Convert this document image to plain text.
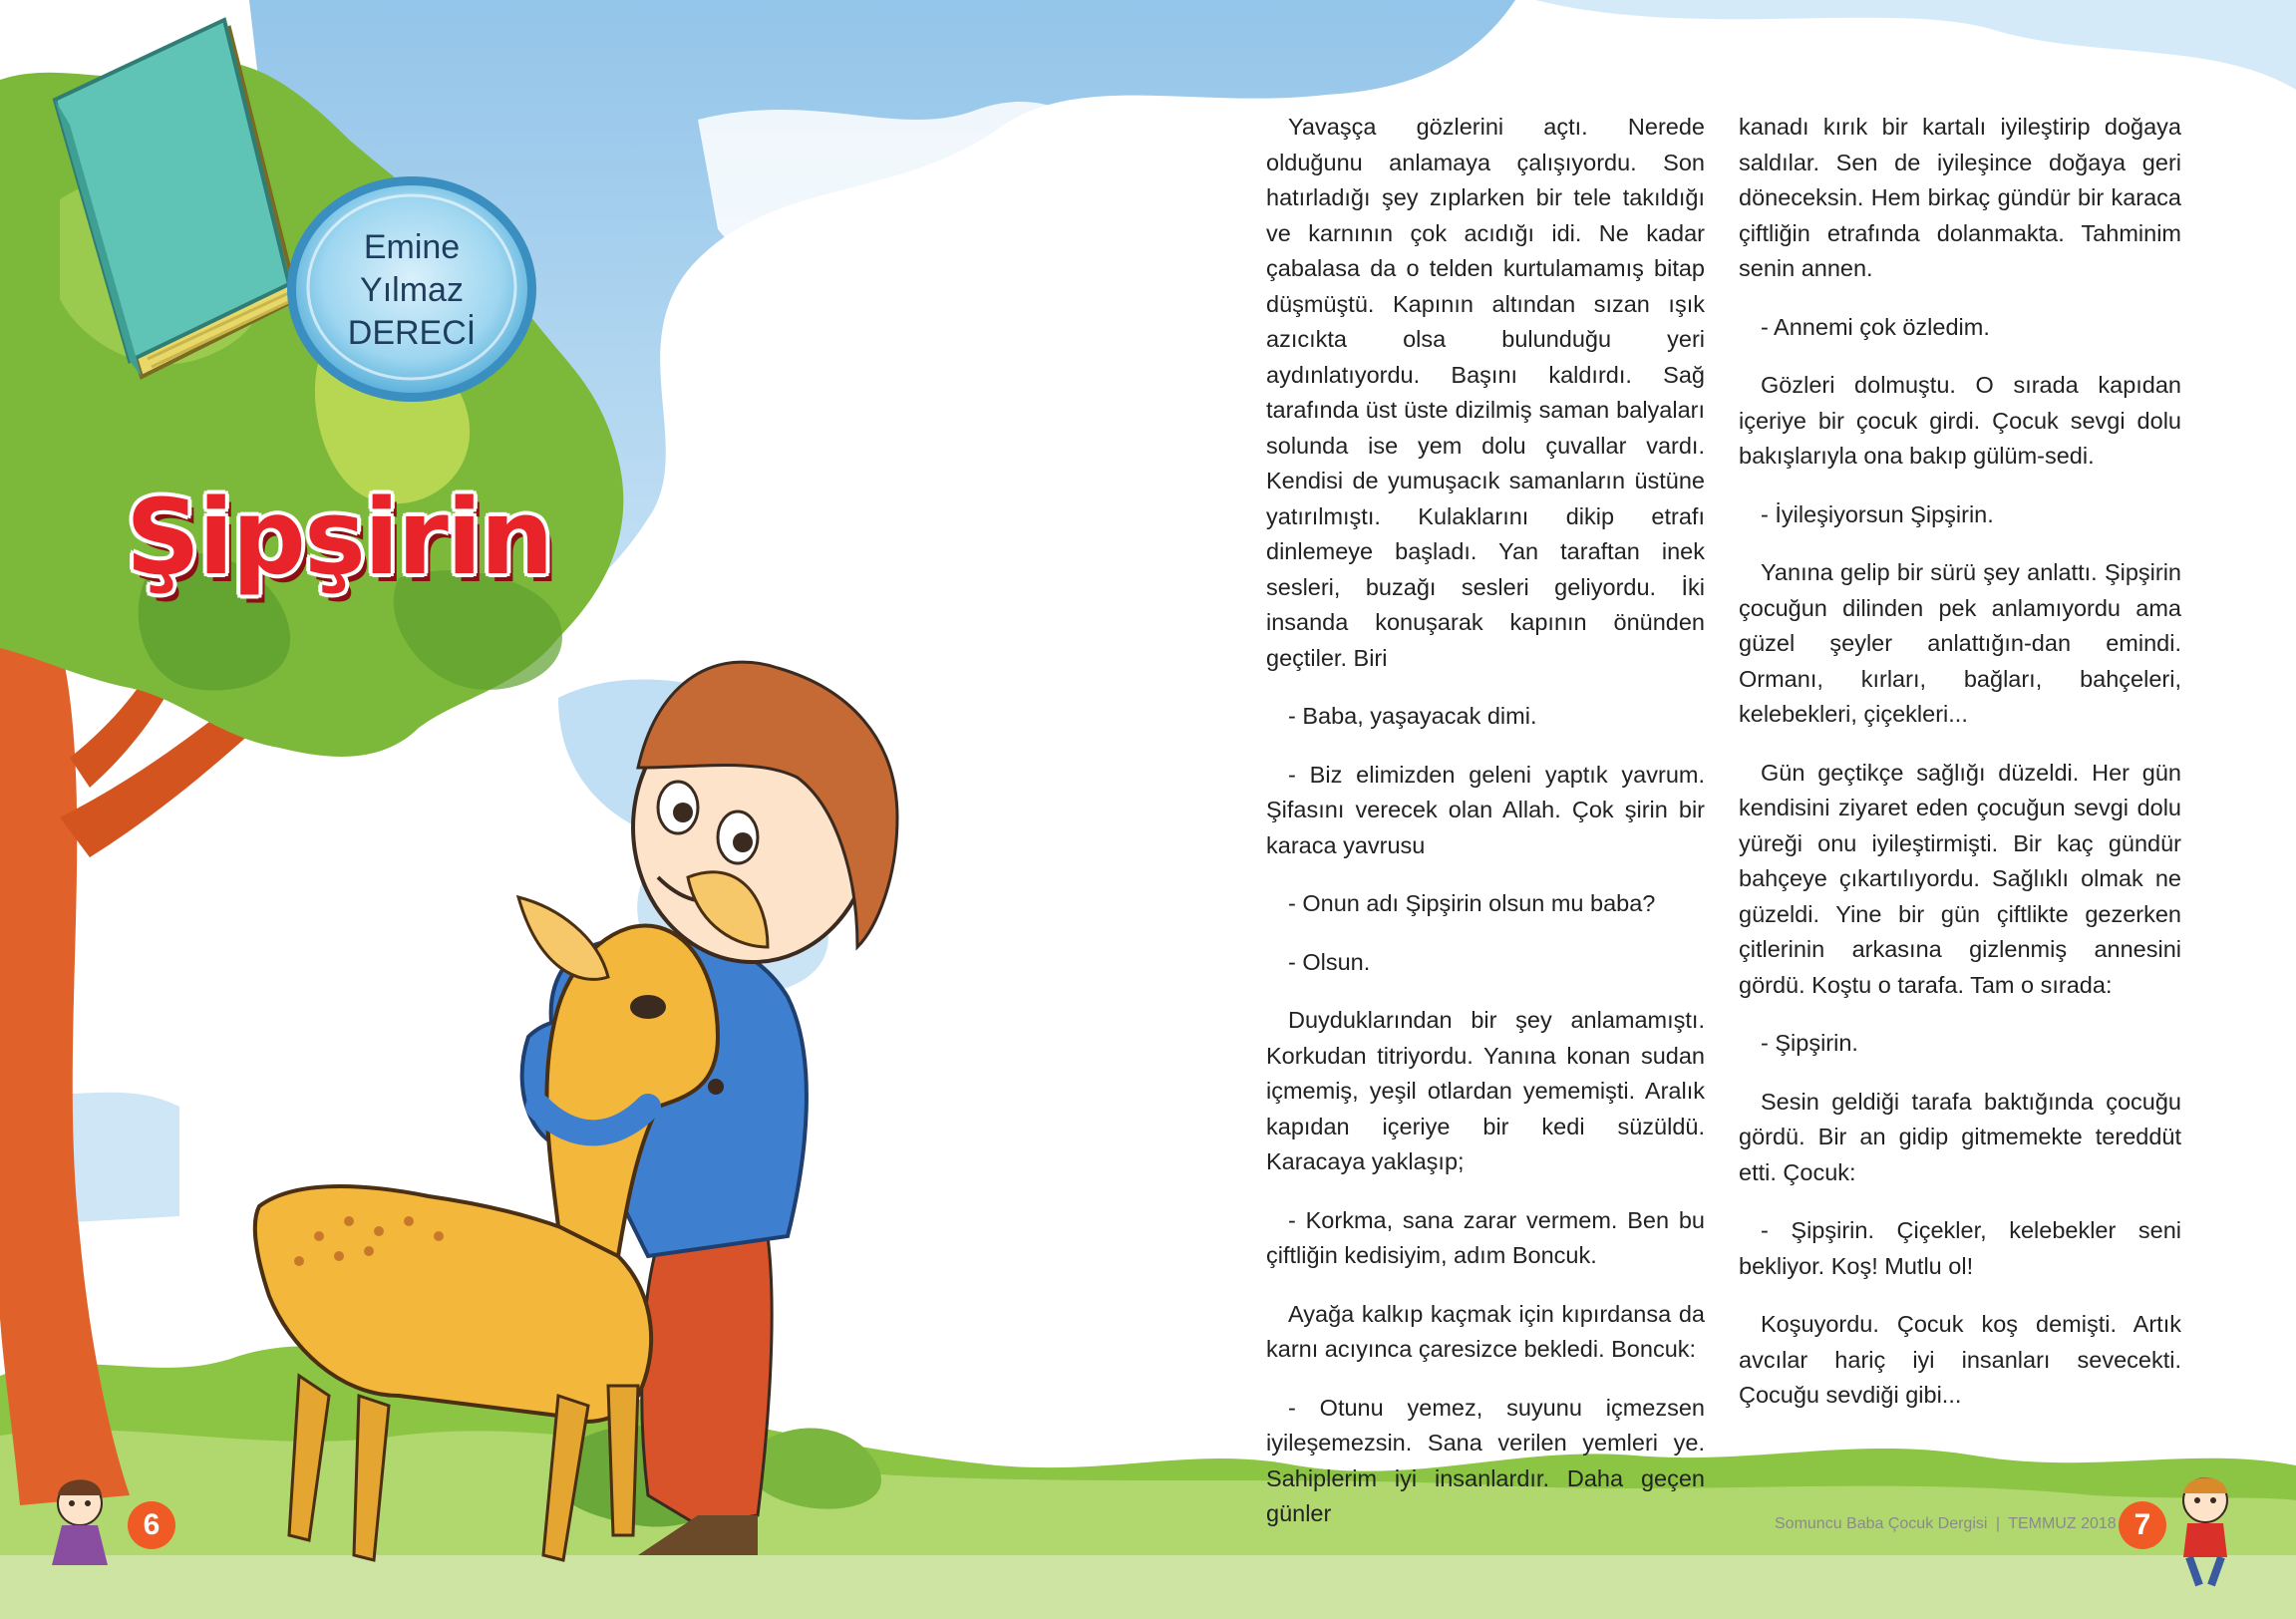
Emine
Yılmaz
DERECİ
Şipşirin

Yavaşça gözlerini açtı. Nerede olduğunu anlamaya çalışıyordu. Son hatırladığı şey zıplarken bir tele takıldığı ve karnının çok acıdığı idi. Ne kadar çabalasa da o telden kurtulamamış bitap düşmüştü. Kapının altından sızan ışık azıcıkta olsa bulunduğu yeri aydınlatıyordu. Başını kaldırdı. Sağ tarafında üst üste dizilmiş saman balyaları solunda ise yem dolu çuvallar vardı. Kendisi de yumuşacık samanların üstüne yatırılmıştı. Kulaklarını dikip etrafı dinlemeye başladı. Yan taraftan inek sesleri, buzağı sesleri geliyordu. İki insanda konuşarak kapının önünden geçtiler. Biri

- Baba, yaşayacak dimi.

- Biz elimizden geleni yaptık yavrum. Şifasını verecek olan Allah. Çok şirin bir karaca yavrusu

- Onun adı Şipşirin olsun mu baba?

- Olsun.

Duyduklarından bir şey anlamamıştı. Korkudan titriyordu. Yanına konan sudan içmemiş, yeşil otlardan yememişti. Aralık kapıdan içeriye bir kedi süzüldü. Karacaya yaklaşıp;

- Korkma, sana zarar vermem. Ben bu çiftliğin kedisiyim, adım Boncuk.

Ayağa kalkıp kaçmak için kıpırdansa da karnı acıyınca çaresizce bekledi. Boncuk:

- Otunu yemez, suyunu içmezsen iyileşemezsin. Sana verilen yemleri ye. Sahiplerim iyi insanlardır. Daha geçen günler

kanadı kırık bir kartalı iyileştirip doğaya saldılar. Sen de iyileşince doğaya geri döneceksin. Hem birkaç gündür bir karaca çiftliğin etrafında dolanmakta. Tahminim senin annen.

- Annemi çok özledim.

Gözleri dolmuştu. O sırada kapıdan içeriye bir çocuk girdi. Çocuk sevgi dolu bakışlarıyla ona bakıp gülüm-sedi.

- İyileşiyorsun Şipşirin.

Yanına gelip bir sürü şey anlattı. Şipşirin çocuğun dilinden pek anlamıyordu ama güzel şeyler anlattığın-dan emindi. Ormanı, kırları, bağları, bahçeleri, kelebekleri, çiçekleri...

Gün geçtikçe sağlığı düzeldi. Her gün kendisini ziyaret eden çocuğun sevgi dolu yüreği onu iyileştirmişti. Bir kaç gündür bahçeye çıkartılıyordu. Sağlıklı olmak ne güzeldi. Yine bir gün çiftlikte gezerken çitlerinin arkasına gizlenmiş annesini gördü. Koştu o tarafa. Tam o sırada:

- Şipşirin.

Sesin geldiği tarafa baktığında çocuğu gördü. Bir an gidip gitmemekte tereddüt etti. Çocuk:

- Şipşirin. Çiçekler, kelebekler seni bekliyor. Koş! Mutlu ol!

Koşuyordu. Çocuk koş demişti. Artık avcılar hariç iyi insanları sevecekti. Çocuğu sevdiği gibi...

6	Somuncu Baba Çocuk Dergisi | TEMMUZ 2018 7
